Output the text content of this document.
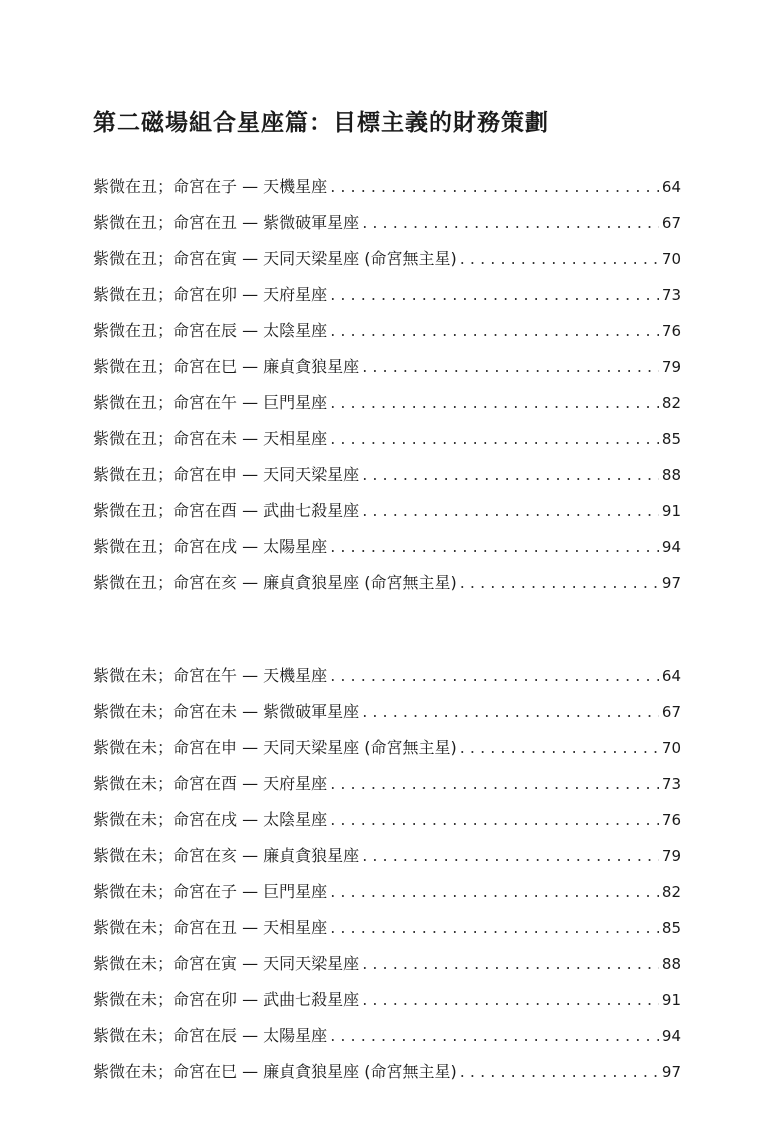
第二磁場組合星座篇：目標主義的財務策劃
紫微在丑；命宮在子 — 天機星座 . . .	64
紫微在丑；命宮在丑 — 紫微破軍星座 . . .	67
紫微在丑；命宮在寅 — 天同天梁星座 (命宮無主星) . . .	70
紫微在丑；命宮在卯 — 天府星座 . . .	73
紫微在丑；命宮在辰 — 太陰星座 . . .	76
紫微在丑；命宮在巳 — 廉貞貪狼星座 . . .	79
紫微在丑；命宮在午 — 巨門星座 . . .	82
紫微在丑；命宮在未 — 天相星座 . . .	85
紫微在丑；命宮在申 — 天同天梁星座 . . .	88
紫微在丑；命宮在酉 — 武曲七殺星座 . . .	91
紫微在丑；命宮在戌 — 太陽星座 . . .	94
紫微在丑；命宮在亥 — 廉貞貪狼星座 (命宮無主星) . . .	97
紫微在未；命宮在午 — 天機星座 . . .	64
紫微在未；命宮在未 — 紫微破軍星座 . . .	67
紫微在未；命宮在申 — 天同天梁星座 (命宮無主星) . . .	70
紫微在未；命宮在酉 — 天府星座 . . .	73
紫微在未；命宮在戌 — 太陰星座 . . .	76
紫微在未；命宮在亥 — 廉貞貪狼星座 . . .	79
紫微在未；命宮在子 — 巨門星座 . . .	82
紫微在未；命宮在丑 — 天相星座 . . .	85
紫微在未；命宮在寅 — 天同天梁星座 . . .	88
紫微在未；命宮在卯 — 武曲七殺星座 . . .	91
紫微在未；命宮在辰 — 太陽星座 . . .	94
紫微在未；命宮在巳 — 廉貞貪狼星座 (命宮無主星) . . .	97
